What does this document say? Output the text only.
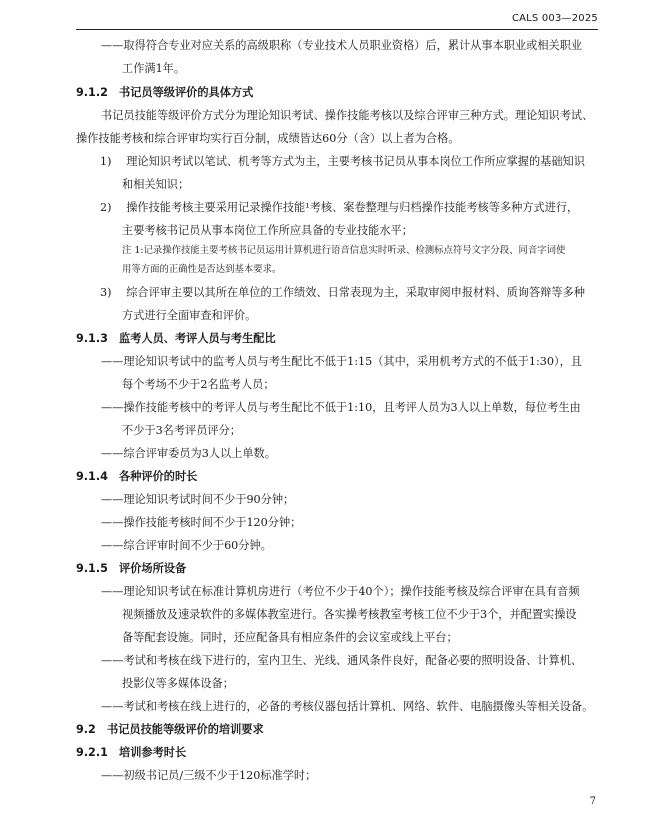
CALS 003—2025
——取得符合专业对应关系的高级职称（专业技术人员职业资格）后，累计从事本职业或相关职业
工作满1年。
9.1.2　书记员等级评价的具体方式
书记员技能等级评价方式分为理论知识考试、操作技能考核以及综合评审三种方式。理论知识考试、
操作技能考核和综合评审均实行百分制，成绩皆达60分（含）以上者为合格。
1)　 理论知识考试以笔试、机考等方式为主，主要考核书记员从事本岗位工作所应掌握的基础知识
和相关知识；
2)　 操作技能考核主要采用记录操作技能¹考核、案卷整理与归档操作技能考核等多种方式进行，
主要考核书记员从事本岗位工作所应具备的专业技能水平；
注 1:记录操作技能主要考核书记员运用计算机进行语音信息实时听录、检测标点符号文字分段、同音字词使
用等方面的正确性是否达到基本要求。
3)　 综合评审主要以其所在单位的工作绩效、日常表现为主，采取审阅申报材料、质询答辩等多种
方式进行全面审查和评价。
9.1.3　监考人员、考评人员与考生配比
——理论知识考试中的监考人员与考生配比不低于1:15（其中，采用机考方式的不低于1:30），且
每个考场不少于2名监考人员；
——操作技能考核中的考评人员与考生配比不低于1:10，且考评人员为3人以上单数，每位考生由
不少于3名考评员评分；
——综合评审委员为3人以上单数。
9.1.4　各种评价的时长
——理论知识考试时间不少于90分钟；
——操作技能考核时间不少于120分钟；
——综合评审时间不少于60分钟。
9.1.5　评价场所设备
——理论知识考试在标准计算机房进行（考位不少于40个）；操作技能考核及综合评审在具有音频
视频播放及速录软件的多媒体教室进行。各实操考核教室考核工位不少于3个，并配置实操设
备等配套设施。同时，还应配备具有相应条件的会议室或线上平台；
——考试和考核在线下进行的，室内卫生、光线、通风条件良好，配备必要的照明设备、计算机、
投影仪等多媒体设备；
——考试和考核在线上进行的，必备的考核仪器包括计算机、网络、软件、电脑摄像头等相关设备。
9.2　书记员技能等级评价的培训要求
9.2.1　培训参考时长
——初级书记员/三级不少于120标准学时；
7
